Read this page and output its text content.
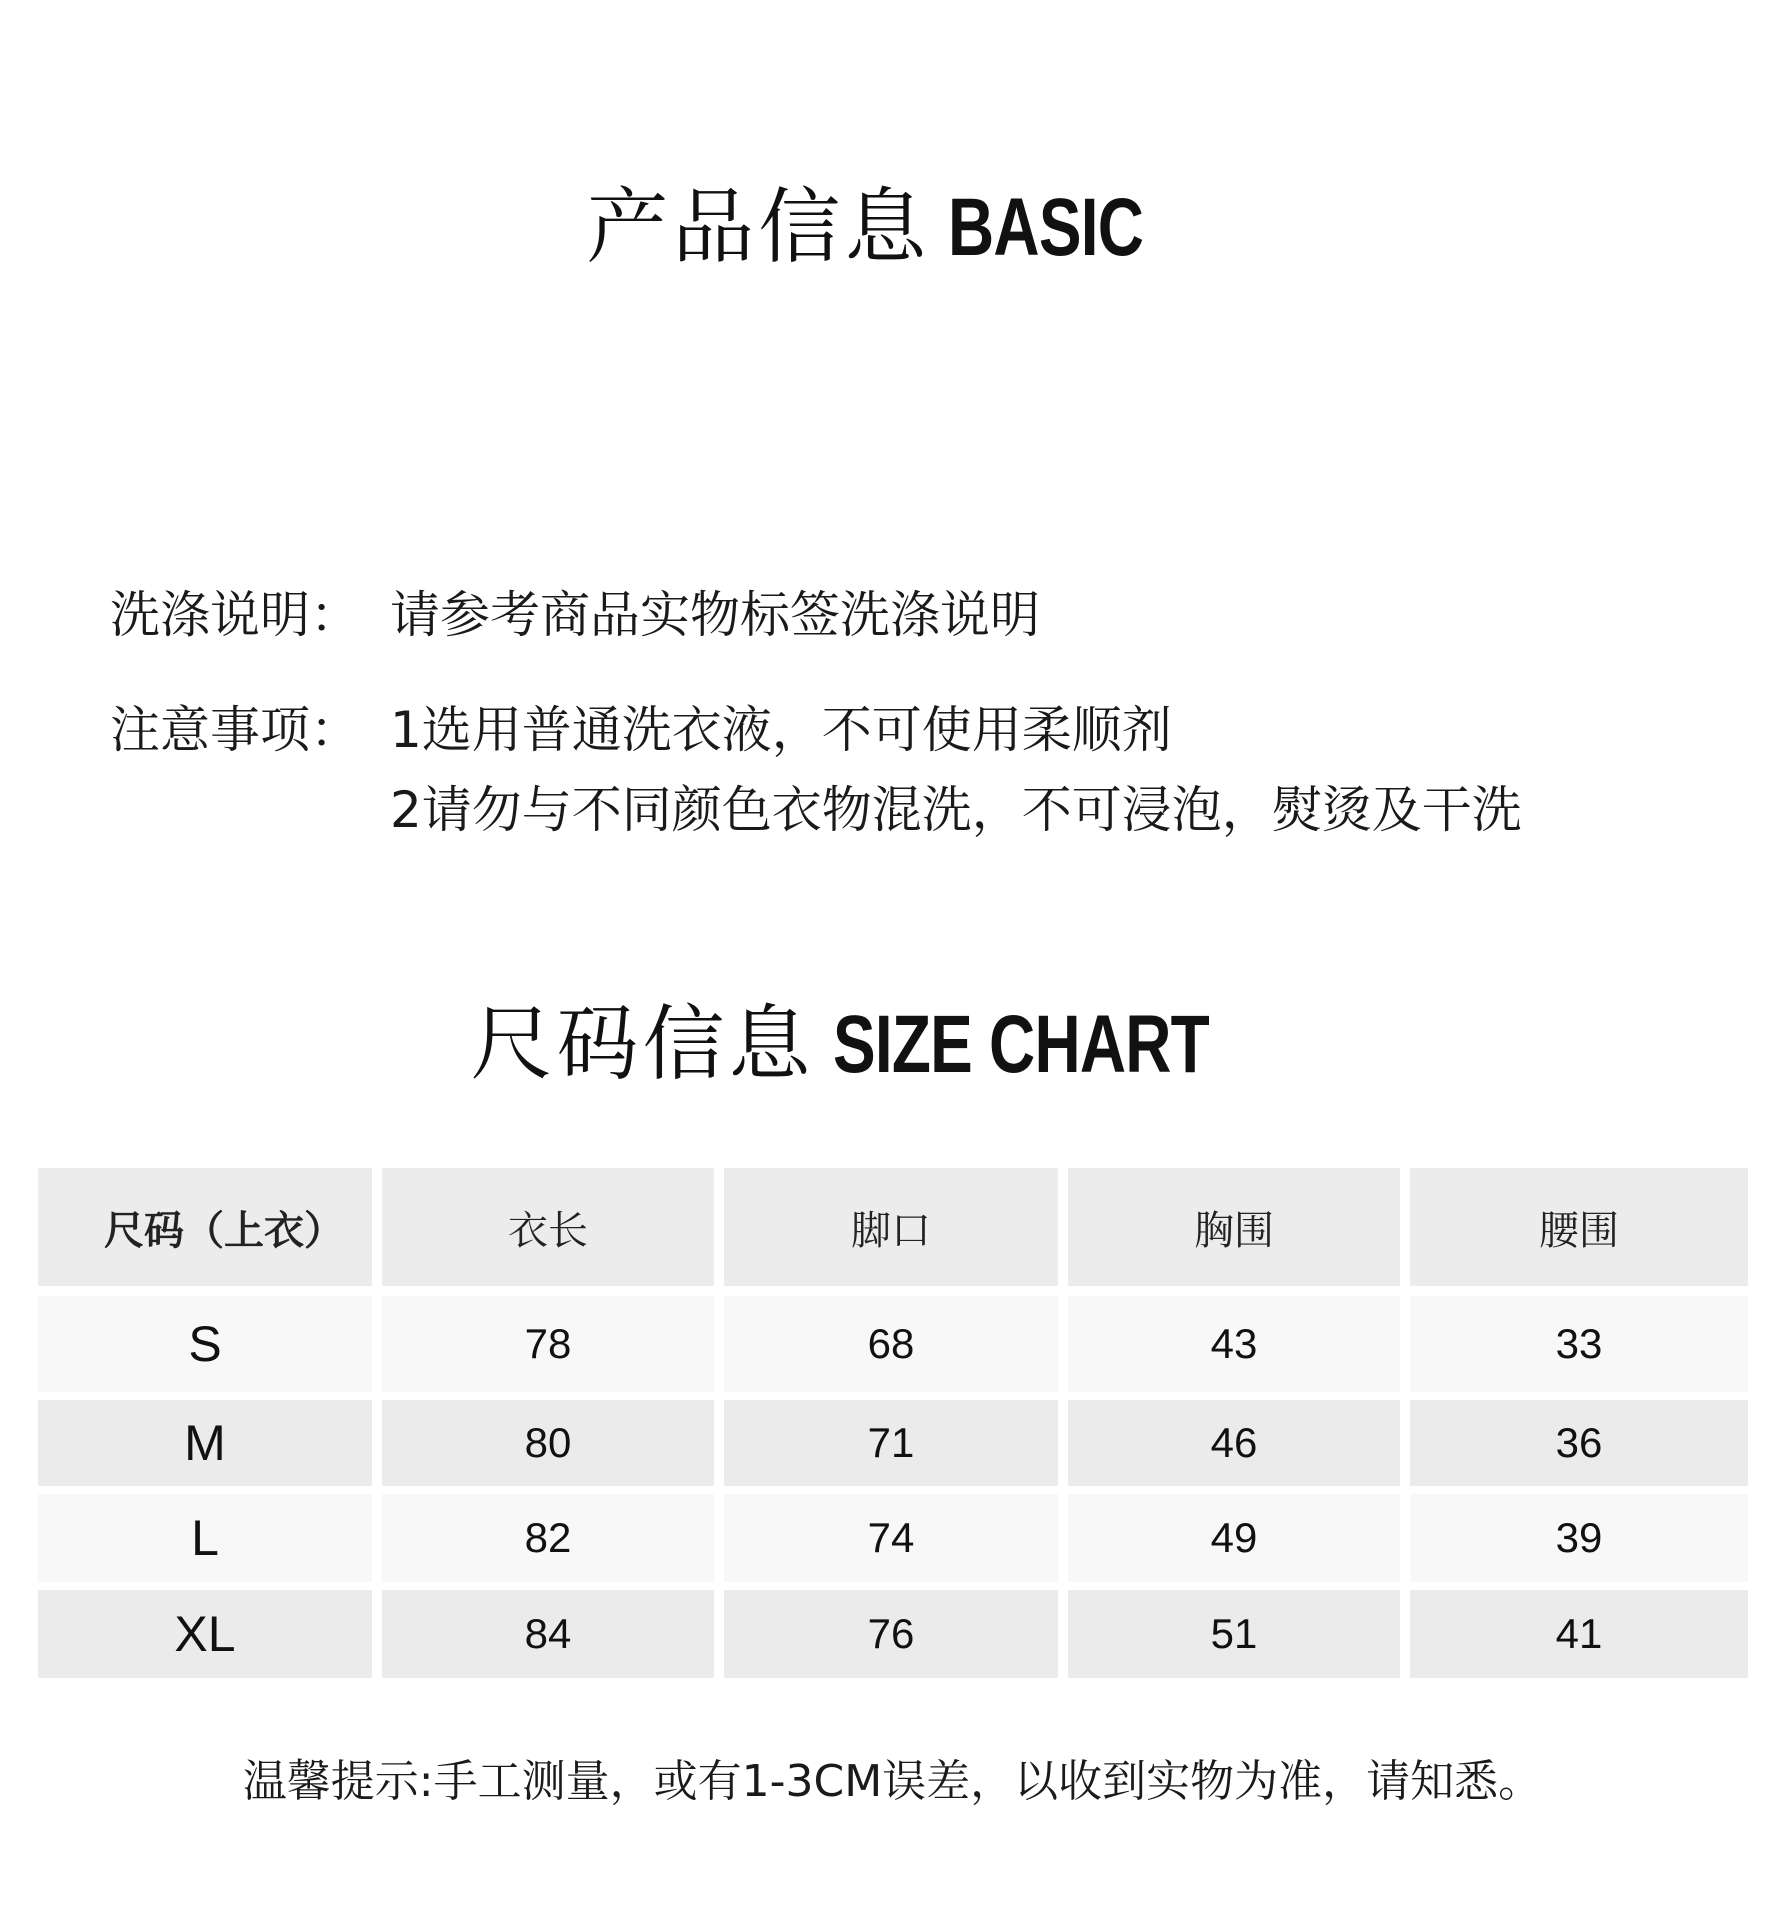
产品信息 BASIC
洗涤说明： 请参考商品实物标签洗涤说明
注意事项： 1选用普通洗衣液，不可使用柔顺剂
2请勿与不同颜色衣物混洗，不可浸泡，熨烫及干洗
尺码信息 SIZE CHART
尺码（上衣）	衣长	脚口	胸围	腰围
S	78	68	43	33
M	80	71	46	36
L	82	74	49	39
XL	84	76	51	41
温馨提示:手工测量，或有1-3CM误差，以收到实物为准，请知悉。
